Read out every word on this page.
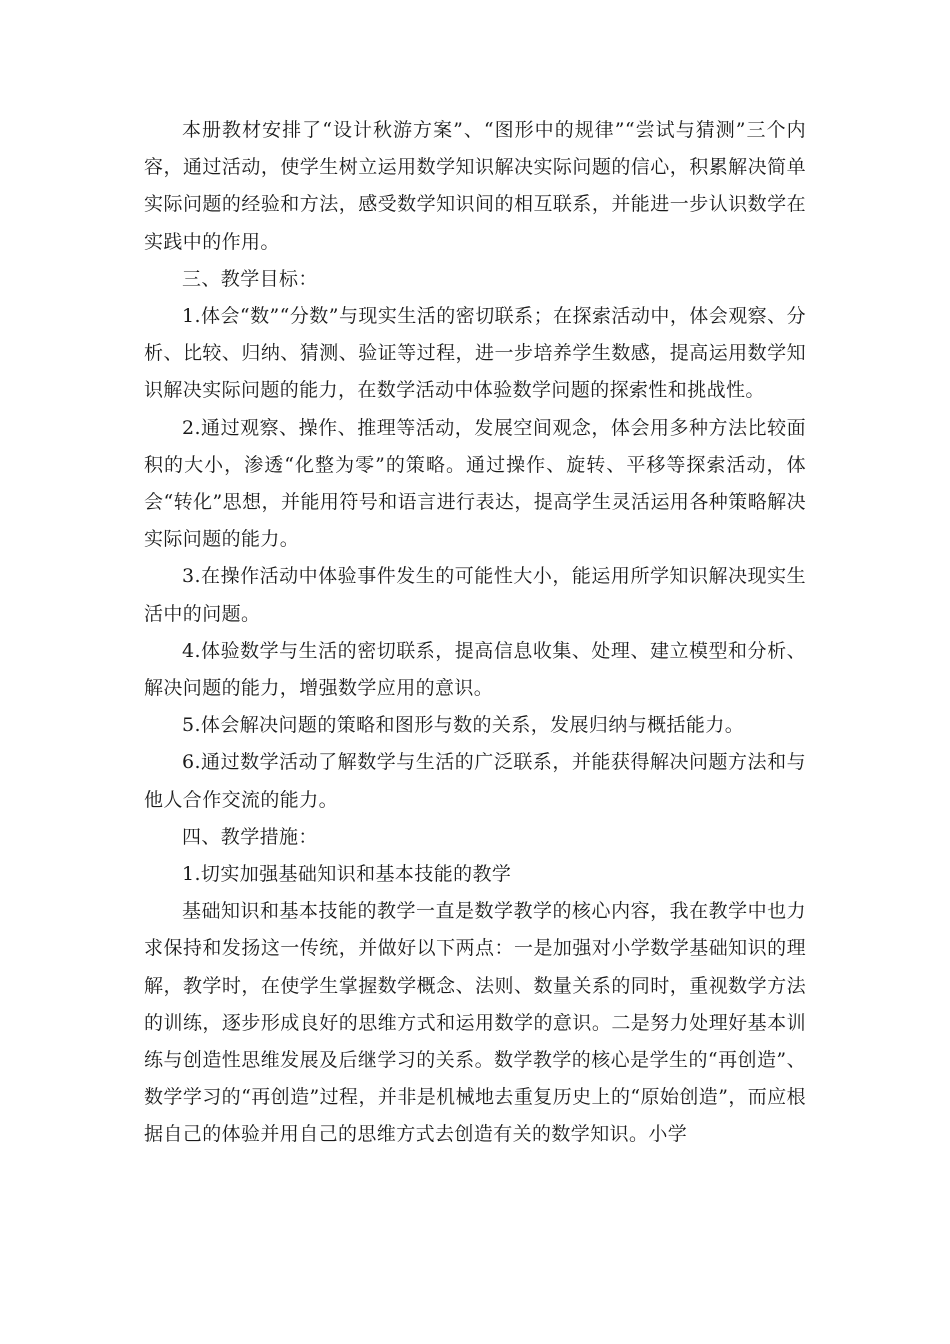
本册教材安排了“设计秋游方案”、“图形中的规律”“尝试与猜测”三个内容，通过活动，使学生树立运用数学知识解决实际问题的信心，积累解决简单实际问题的经验和方法，感受数学知识间的相互联系，并能进一步认识数学在实践中的作用。

三、教学目标：

1.体会“数”“分数”与现实生活的密切联系；在探索活动中，体会观察、分析、比较、归纳、猜测、验证等过程，进一步培养学生数感，提高运用数学知识解决实际问题的能力，在数学活动中体验数学问题的探索性和挑战性。

2.通过观察、操作、推理等活动，发展空间观念，体会用多种方法比较面积的大小，渗透“化整为零”的策略。通过操作、旋转、平移等探索活动，体会“转化”思想，并能用符号和语言进行表达，提高学生灵活运用各种策略解决实际问题的能力。

3.在操作活动中体验事件发生的可能性大小，能运用所学知识解决现实生活中的问题。

4.体验数学与生活的密切联系，提高信息收集、处理、建立模型和分析、解决问题的能力，增强数学应用的意识。

5.体会解决问题的策略和图形与数的关系，发展归纳与概括能力。

6.通过数学活动了解数学与生活的广泛联系，并能获得解决问题方法和与他人合作交流的能力。

四、教学措施：

1.切实加强基础知识和基本技能的教学

基础知识和基本技能的教学一直是数学教学的核心内容，我在教学中也力求保持和发扬这一传统，并做好以下两点：一是加强对小学数学基础知识的理解，教学时，在使学生掌握数学概念、法则、数量关系的同时，重视数学方法的训练，逐步形成良好的思维方式和运用数学的意识。二是努力处理好基本训练与创造性思维发展及后继学习的关系。数学教学的核心是学生的“再创造”、数学学习的“再创造”过程，并非是机械地去重复历史上的“原始创造”，而应根据自己的体验并用自己的思维方式去创造有关的数学知识。小学
